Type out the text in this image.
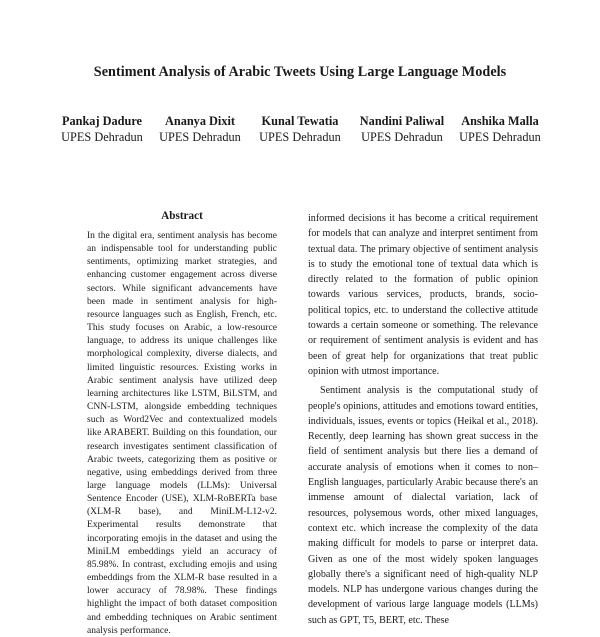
Sentiment Analysis of Arabic Tweets Using Large Language Models
Pankaj Dadure
UPES Dehradun
Ananya Dixit
UPES Dehradun
Kunal Tewatia
UPES Dehradun
Nandini Paliwal
UPES Dehradun
Anshika Malla
UPES Dehradun
Abstract

In the digital era, sentiment analysis has become an indispensable tool for understanding public sentiments, optimizing market strategies, and enhancing customer engagement across diverse sectors. While significant advancements have been made in sentiment analysis for high-resource languages such as English, French, etc. This study focuses on Arabic, a low-resource language, to address its unique challenges like morphological complexity, diverse dialects, and limited linguistic resources. Existing works in Arabic sentiment analysis have utilized deep learning architectures like LSTM, BiLSTM, and CNN-LSTM, alongside embedding techniques such as Word2Vec and contextualized models like ARABERT. Building on this foundation, our research investigates sentiment classification of Arabic tweets, categorizing them as positive or negative, using embeddings derived from three large language models (LLMs): Universal Sentence Encoder (USE), XLM-RoBERTa base (XLM-R base), and MiniLM-L12-v2. Experimental results demonstrate that incorporating emojis in the dataset and using the MiniLM embeddings yield an accuracy of 85.98%. In contrast, excluding emojis and using embeddings from the XLM-R base resulted in a lower accuracy of 78.98%. These findings highlight the impact of both dataset composition and embedding techniques on Arabic sentiment analysis performance.

informed decisions it has become a critical requirement for models that can analyze and interpret sentiment from textual data. The primary objective of sentiment analysis is to study the emotional tone of textual data which is directly related to the formation of public opinion towards various services, products, brands, socio-political topics, etc. to understand the collective attitude towards a certain someone or something. The relevance or requirement of sentiment analysis is evident and has been of great help for organizations that treat public opinion with utmost importance.

Sentiment analysis is the computational study of people's opinions, attitudes and emotions toward entities, individuals, issues, events or topics (Heikal et al., 2018). Recently, deep learning has shown great success in the field of sentiment analysis but there lies a demand of accurate analysis of emotions when it comes to non–English languages, particularly Arabic because there's an immense amount of dialectal variation, lack of resources, polysemous words, other mixed languages, context etc. which increase the complexity of the data making difficult for models to parse or interpret data. Given as one of the most widely spoken languages globally there's a significant need of high-quality NLP models. NLP has undergone various changes during the development of various large language models (LLMs) such as GPT, T5, BERT, etc. These
